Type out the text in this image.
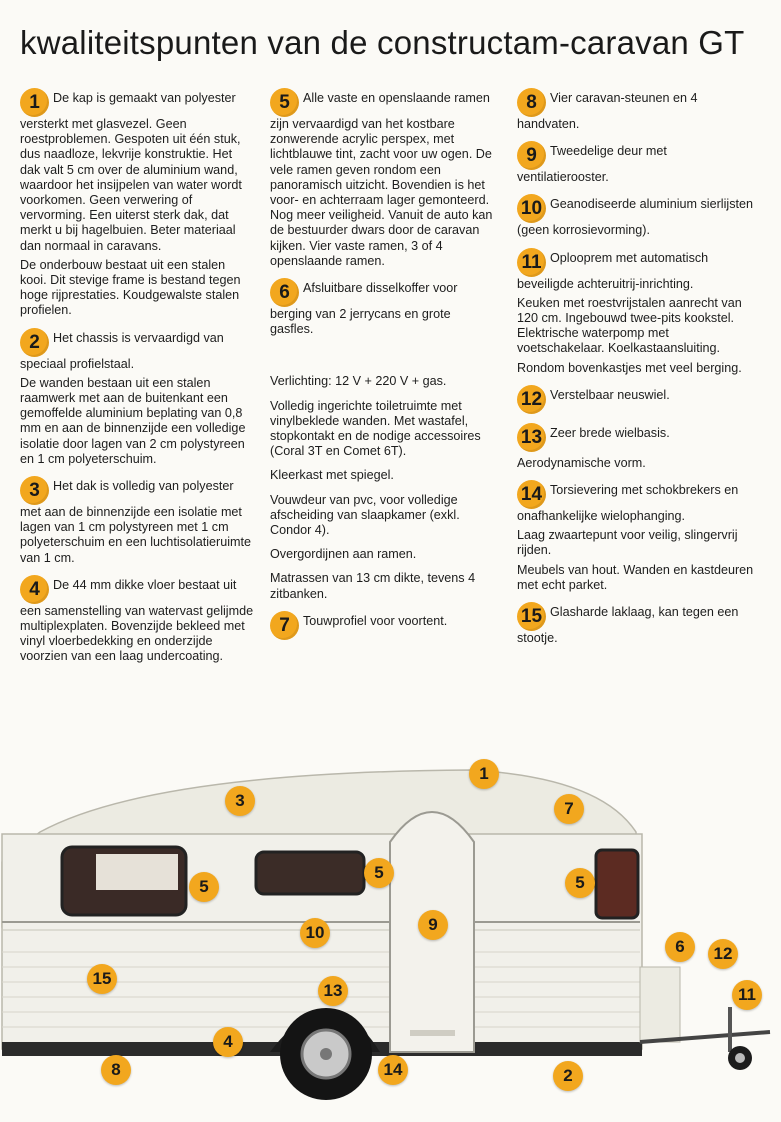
kwaliteitspunten van de constructam-caravan GT

1 De kap is gemaakt van polyester versterkt met glasvezel. Geen roestproblemen. Gespoten uit één stuk, dus naadloze, lekvrije konstruktie. Het dak valt 5 cm over de aluminium wand, waardoor het insijpelen van water wordt voorkomen. Geen verwering of vervorming. Een uiterst sterk dak, dat merkt u bij hagelbuien. Beter materiaal dan normaal in caravans.

De onderbouw bestaat uit een stalen kooi. Dit stevige frame is bestand tegen hoge rijprestaties. Koudgewalste stalen profielen.

2 Het chassis is vervaardigd van speciaal profielstaal.

De wanden bestaan uit een stalen raamwerk met aan de buitenkant een gemoffelde aluminium beplating van 0,8 mm en aan de binnenzijde een volledige isolatie door lagen van 2 cm polystyreen en 1 cm polyeterschuim.

3 Het dak is volledig van polyester met aan de binnenzijde een isolatie met lagen van 1 cm polystyreen met 1 cm polyeterschuim en een luchtisolatieruimte van 1 cm.

4 De 44 mm dikke vloer bestaat uit een samenstelling van watervast gelijmde multiplexplaten. Bovenzijde bekleed met vinyl vloerbedekking en onderzijde voorzien van een laag undercoating.

5 Alle vaste en openslaande ramen zijn vervaardigd van het kostbare zonwerende acrylic perspex, met lichtblauwe tint, zacht voor uw ogen. De vele ramen geven rondom een panoramisch uitzicht. Bovendien is het voor- en achterraam lager gemonteerd. Nog meer veiligheid. Vanuit de auto kan de bestuurder dwars door de caravan kijken. Vier vaste ramen, 3 of 4 openslaande ramen.

6 Afsluitbare disselkoffer voor berging van 2 jerrycans en grote gasfles.

Verlichting: 12 V + 220 V + gas.

Volledig ingerichte toiletruimte met vinylbeklede wanden. Met wastafel, stopkontakt en de nodige accessoires (Coral 3T en Comet 6T).

Kleerkast met spiegel.

Vouwdeur van pvc, voor volledige afscheiding van slaapkamer (exkl. Condor 4).

Overgordijnen aan ramen.

Matrassen van 13 cm dikte, tevens 4 zitbanken.

7 Touwprofiel voor voortent.

8 Vier caravan-steunen en 4 handvaten.

9 Tweedelige deur met ventilatierooster.

10 Geanodiseerde aluminium sierlijsten (geen korrosievorming).

11 Oplooprem met automatisch beveiligde achteruitrij-inrichting.

Keuken met roestvrijstalen aanrecht van 120 cm. Ingebouwd twee-pits kookstel. Elektrische waterpomp met voetschakelaar. Koelkastaansluiting.

Rondom bovenkastjes met veel berging.

12 Verstelbaar neuswiel.

13 Zeer brede wielbasis.

Aerodynamische vorm.

14 Torsievering met schokbrekers en onafhankelijke wielophanging.

Laag zwaartepunt voor veilig, slingervrij rijden.

Meubels van hout. Wanden en kastdeuren met echt parket.

15 Glasharde laklaag, kan tegen een stootje.

1
3	7
5
5
5
10	9
15
6	12
11
13
4
14
8	2
